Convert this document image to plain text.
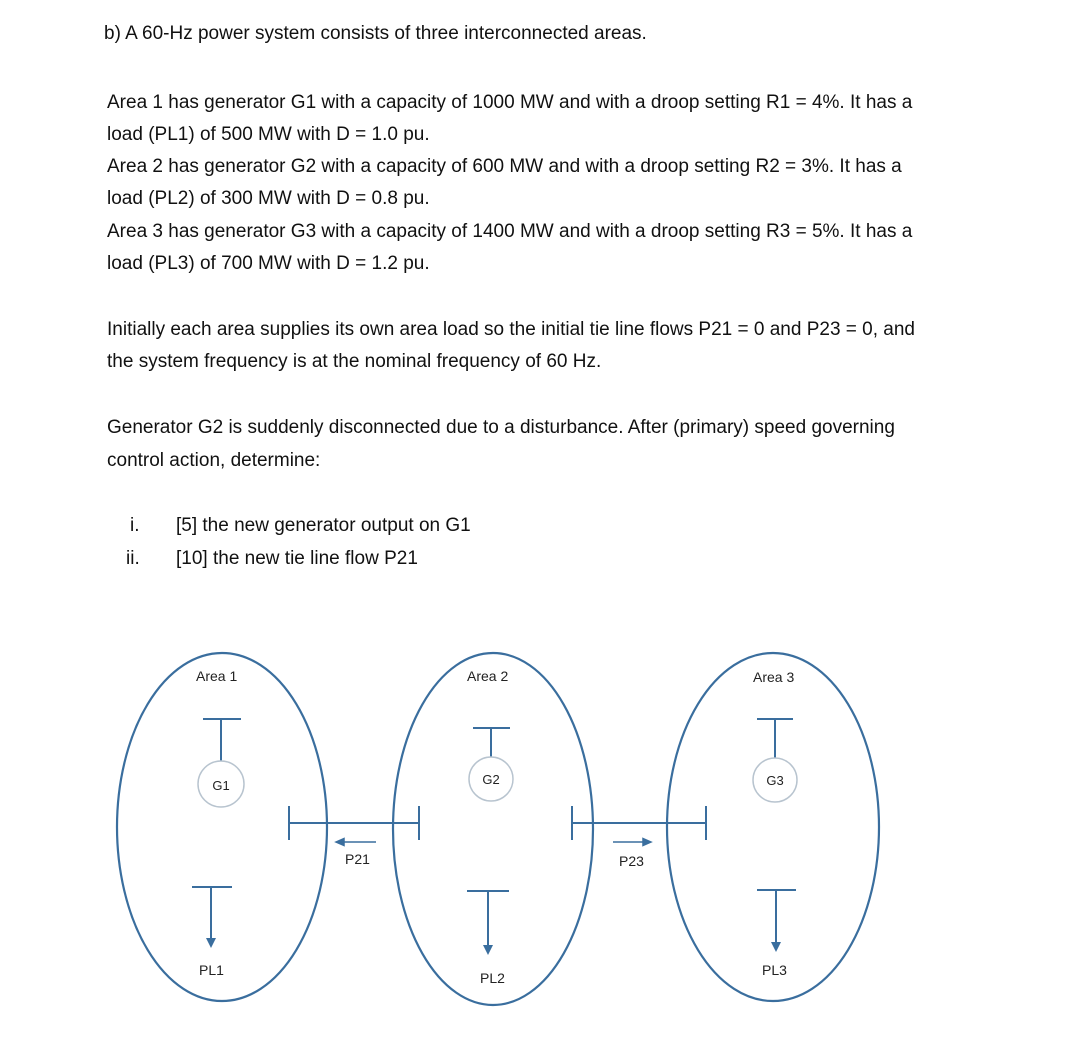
b) A 60-Hz power system consists of three interconnected areas.
Area 1 has generator G1 with a capacity of 1000 MW and with a droop setting R1 = 4%. It has a
load (PL1) of 500 MW with D = 1.0 pu.
Area 2 has generator G2 with a capacity of 600 MW and with a droop setting R2 = 3%. It has a
load (PL2) of 300 MW with D = 0.8 pu.
Area 3 has generator G3 with a capacity of 1400 MW and with a droop setting R3 = 5%. It has a
load (PL3) of 700 MW with D = 1.2 pu.
Initially each area supplies its own area load so the initial tie line flows P21 = 0 and P23 = 0, and
the system frequency is at the nominal frequency of 60 Hz.
Generator G2 is suddenly disconnected due to a disturbance. After (primary) speed governing
control action, determine:
i. [5] the new generator output on G1
ii. [10] the new tie line flow P21
Area 1	Area 2	Area 3
G1	G2	G3
PL1	PL2	PL3
P21	P23
